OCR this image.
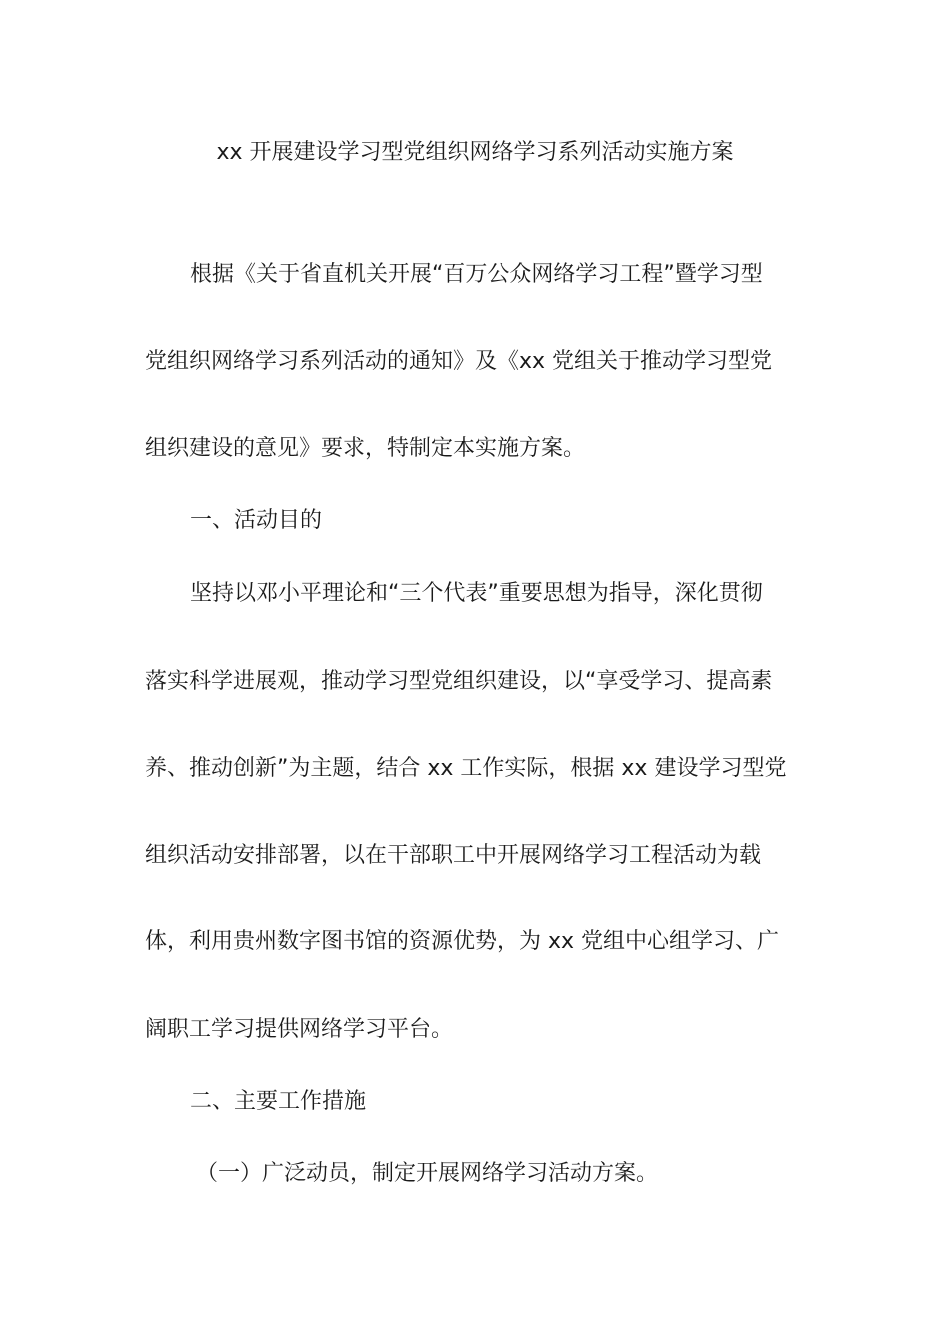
xx 开展建设学习型党组织网络学习系列活动实施方案
根据《关于省直机关开展“百万公众网络学习工程”暨学习型
党组织网络学习系列活动的通知》及《xx 党组关于推动学习型党
组织建设的意见》要求，特制定本实施方案。
一、活动目的
坚持以邓小平理论和“三个代表”重要思想为指导，深化贯彻
落实科学进展观，推动学习型党组织建设，以“享受学习、提高素
养、推动创新”为主题，结合 xx 工作实际，根据 xx 建设学习型党
组织活动安排部署，以在干部职工中开展网络学习工程活动为载
体，利用贵州数字图书馆的资源优势，为 xx 党组中心组学习、广
阔职工学习提供网络学习平台。
二、主要工作措施
（一）广泛动员，制定开展网络学习活动方案。
